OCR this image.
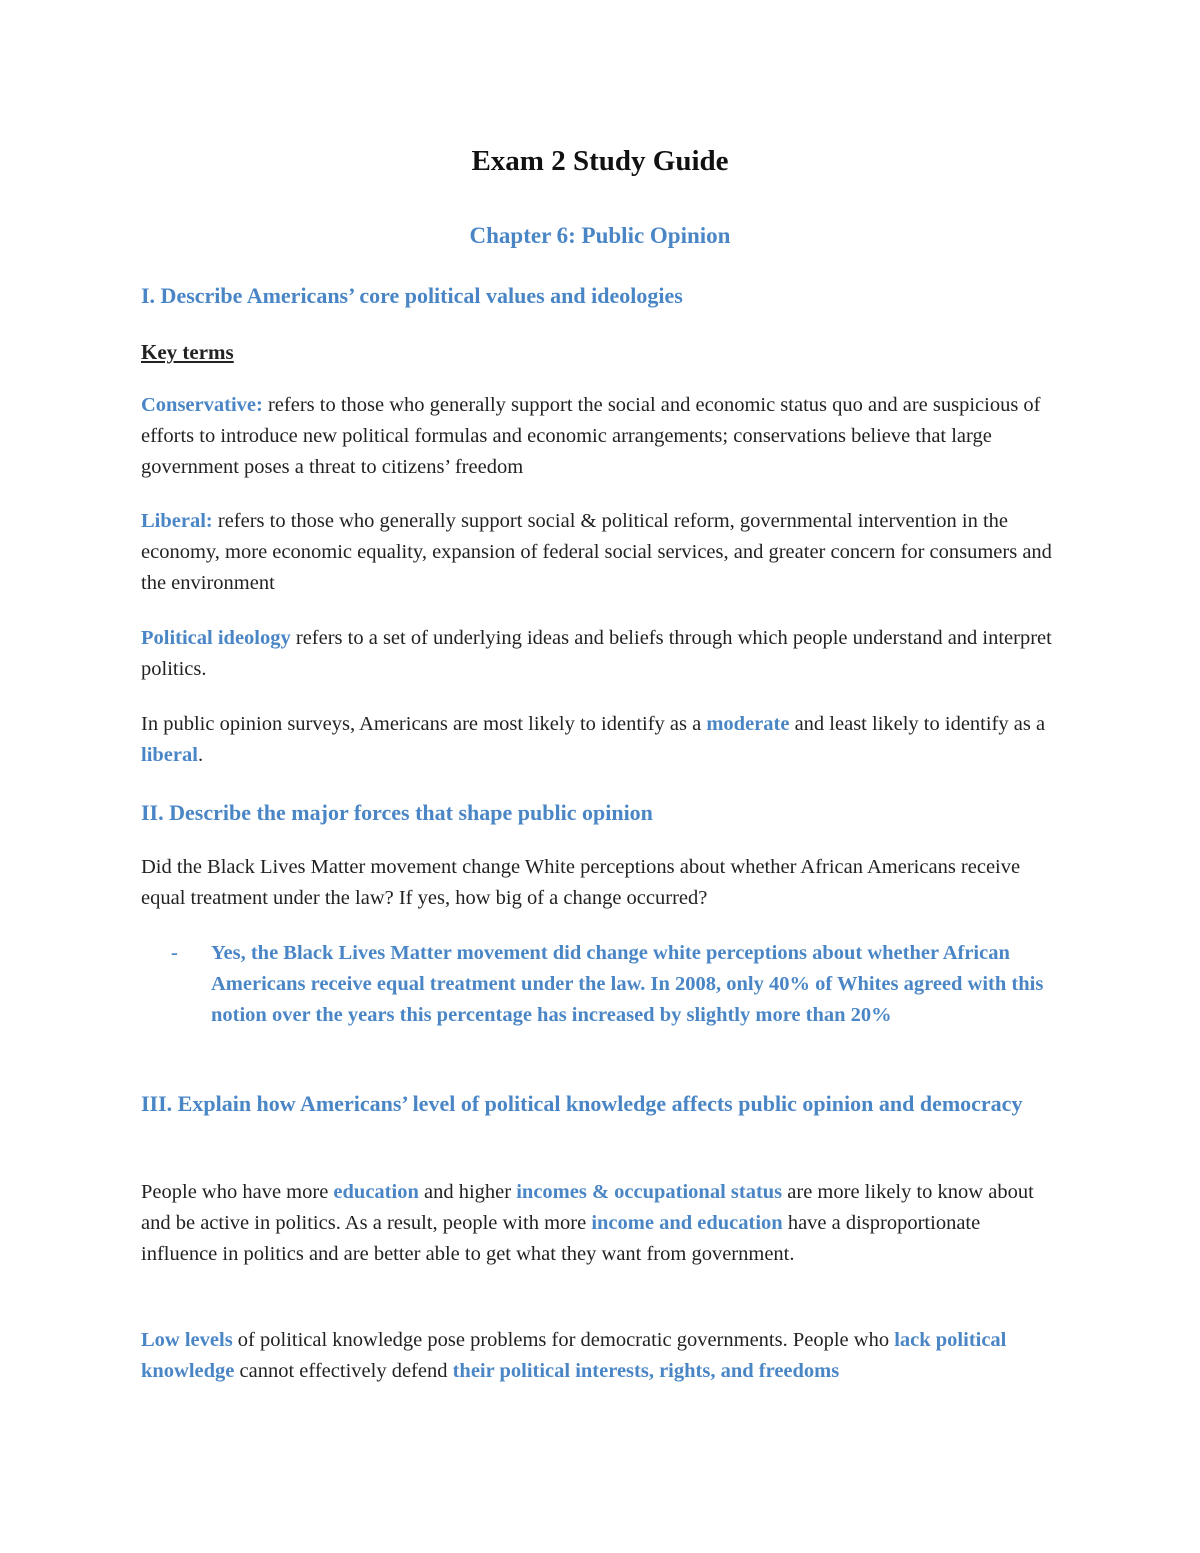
Exam 2 Study Guide
Chapter 6: Public Opinion
I. Describe Americans’ core political values and ideologies
Key terms

Conservative: refers to those who generally support the social and economic status quo and are suspicious of efforts to introduce new political formulas and economic arrangements; conservations believe that large government poses a threat to citizens’ freedom

Liberal: refers to those who generally support social & political reform, governmental intervention in the economy, more economic equality, expansion of federal social services, and greater concern for consumers and the environment

Political ideology refers to a set of underlying ideas and beliefs through which people understand and interpret politics.

In public opinion surveys, Americans are most likely to identify as a moderate and least likely to identify as a liberal.

II. Describe the major forces that shape public opinion

Did the Black Lives Matter movement change White perceptions about whether African Americans receive equal treatment under the law? If yes, how big of a change occurred?

- Yes, the Black Lives Matter movement did change white perceptions about whether African Americans receive equal treatment under the law. In 2008, only 40% of Whites agreed with this notion over the years this percentage has increased by slightly more than 20%
III. Explain how Americans’ level of political knowledge affects public opinion and democracy

People who have more education and higher incomes & occupational status are more likely to know about and be active in politics. As a result, people with more income and education have a disproportionate influence in politics and are better able to get what they want from government.

Low levels of political knowledge pose problems for democratic governments. People who lack political knowledge cannot effectively defend their political interests, rights, and freedoms
